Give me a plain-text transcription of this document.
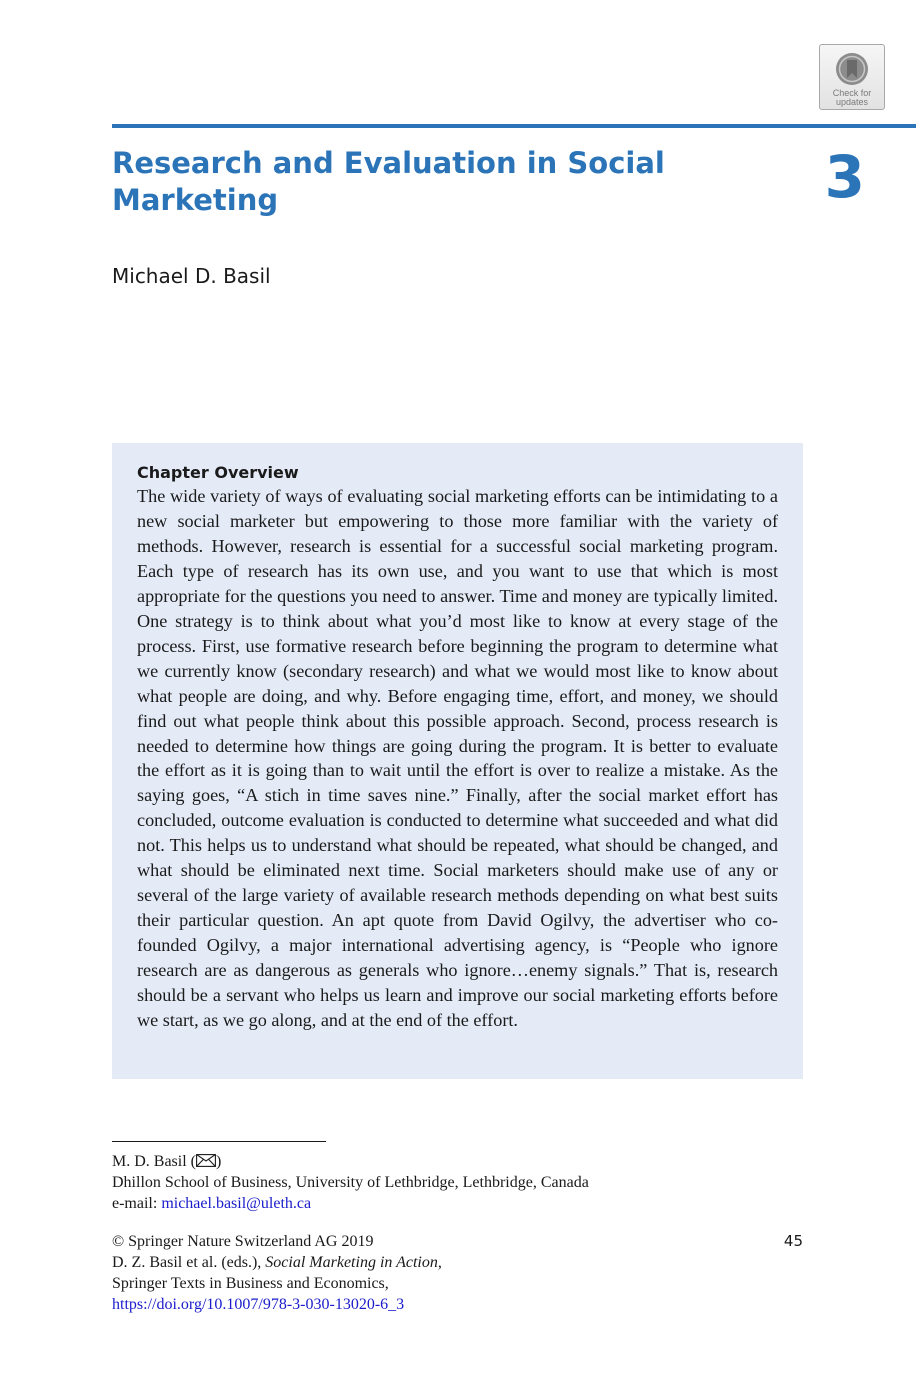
Check for updates
Research and Evaluation in Social Marketing	3
Michael D. Basil

Chapter Overview

The wide variety of ways of evaluating social marketing efforts can be intimidating to a new social marketer but empowering to those more familiar with the variety of methods. However, research is essential for a successful social marketing program. Each type of research has its own use, and you want to use that which is most appropriate for the questions you need to answer. Time and money are typically limited. One strategy is to think about what you’d most like to know at every stage of the process. First, use formative research before beginning the program to determine what we currently know (secondary research) and what we would most like to know about what people are doing, and why. Before engaging time, effort, and money, we should find out what people think about this possible approach. Second, process research is needed to determine how things are going during the program. It is better to evaluate the effort as it is going than to wait until the effort is over to realize a mistake. As the saying goes, “A stich in time saves nine.” Finally, after the social market effort has concluded, outcome evaluation is conducted to determine what succeeded and what did not. This helps us to understand what should be repeated, what should be changed, and what should be eliminated next time. Social marketers should make use of any or several of the large variety of available research methods depending on what best suits their particular question. An apt quote from David Ogilvy, the advertiser who co-founded Ogilvy, a major international advertising agency, is “People who ignore research are as dangerous as generals who ignore…enemy signals.” That is, research should be a servant who helps us learn and improve our social marketing efforts before we start, as we go along, and at the end of the effort.

M. D. Basil ( )
Dhillon School of Business, University of Lethbridge, Lethbridge, Canada
e-mail: michael.basil@uleth.ca
© Springer Nature Switzerland AG 2019
D. Z. Basil et al. (eds.), Social Marketing in Action,
Springer Texts in Business and Economics,
https://doi.org/10.1007/978-3-030-13020-6_3
45
